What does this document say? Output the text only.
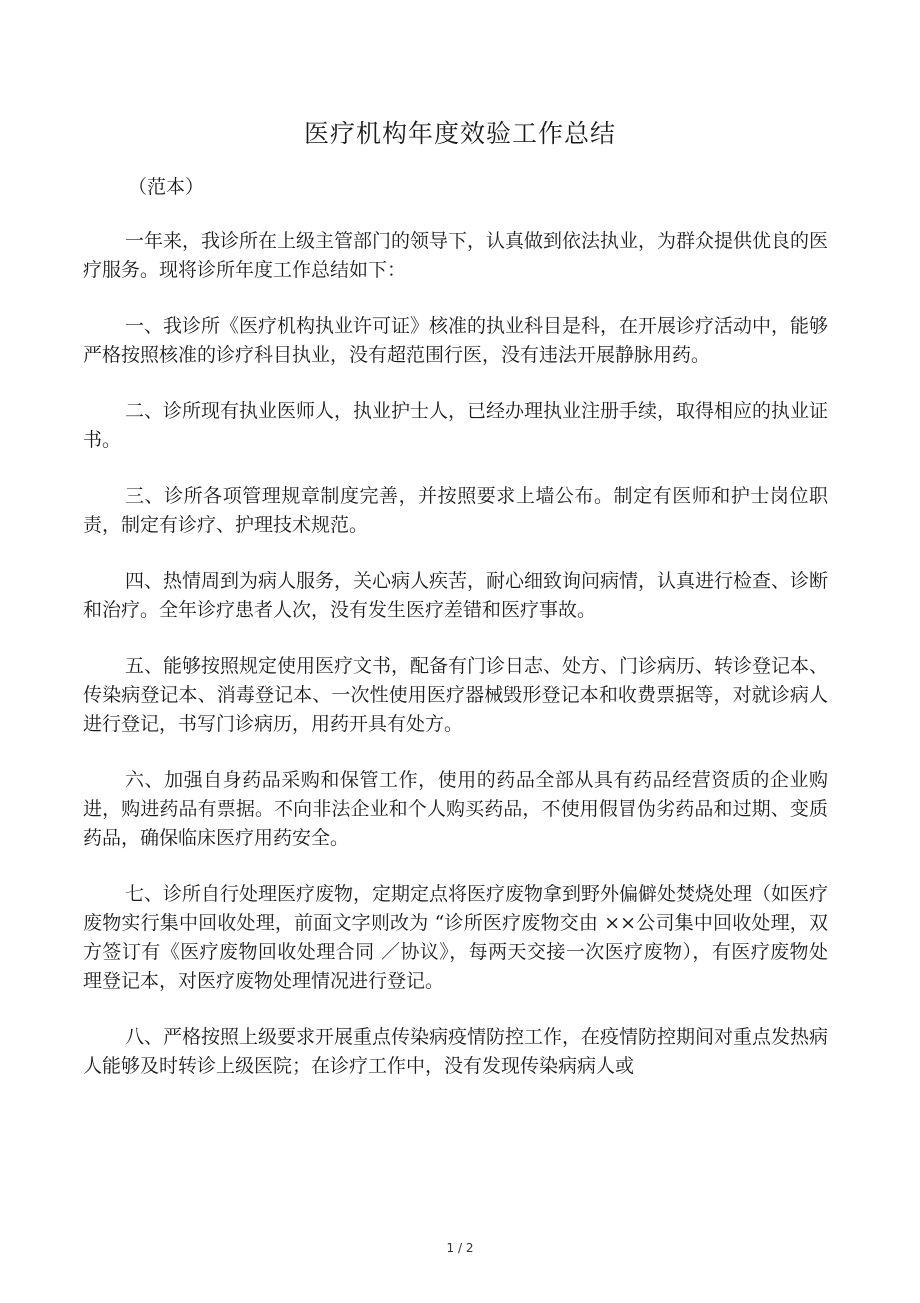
医疗机构年度效验工作总结
（范本）

一年来，我诊所在上级主管部门的领导下，认真做到依法执业，为群众提供优良的医疗服务。现将诊所年度工作总结如下：

一、我诊所《医疗机构执业许可证》核准的执业科目是科，在开展诊疗活动中，能够严格按照核准的诊疗科目执业，没有超范围行医，没有违法开展静脉用药。

二、诊所现有执业医师人，执业护士人，已经办理执业注册手续，取得相应的执业证书。

三、诊所各项管理规章制度完善，并按照要求上墙公布。制定有医师和护士岗位职责，制定有诊疗、护理技术规范。

四、热情周到为病人服务，关心病人疾苦，耐心细致询问病情，认真进行检查、诊断和治疗。全年诊疗患者人次，没有发生医疗差错和医疗事故。

五、能够按照规定使用医疗文书，配备有门诊日志、处方、门诊病历、转诊登记本、传染病登记本、消毒登记本、一次性使用医疗器械毁形登记本和收费票据等，对就诊病人进行登记，书写门诊病历，用药开具有处方。

六、加强自身药品采购和保管工作，使用的药品全部从具有药品经营资质的企业购进，购进药品有票据。不向非法企业和个人购买药品，不使用假冒伪劣药品和过期、变质药品，确保临床医疗用药安全。

七、诊所自行处理医疗废物，定期定点将医疗废物拿到野外偏僻处焚烧处理（如医疗废物实行集中回收处理，前面文字则改为 “诊所医疗废物交由 ××公司集中回收处理，双方签订有《医疗废物回收处理合同 ／协议》，每两天交接一次医疗废物），有医疗废物处理登记本，对医疗废物处理情况进行登记。

八、严格按照上级要求开展重点传染病疫情防控工作，在疫情防控期间对重点发热病人能够及时转诊上级医院；在诊疗工作中，没有发现传染病病人或

1 / 2
